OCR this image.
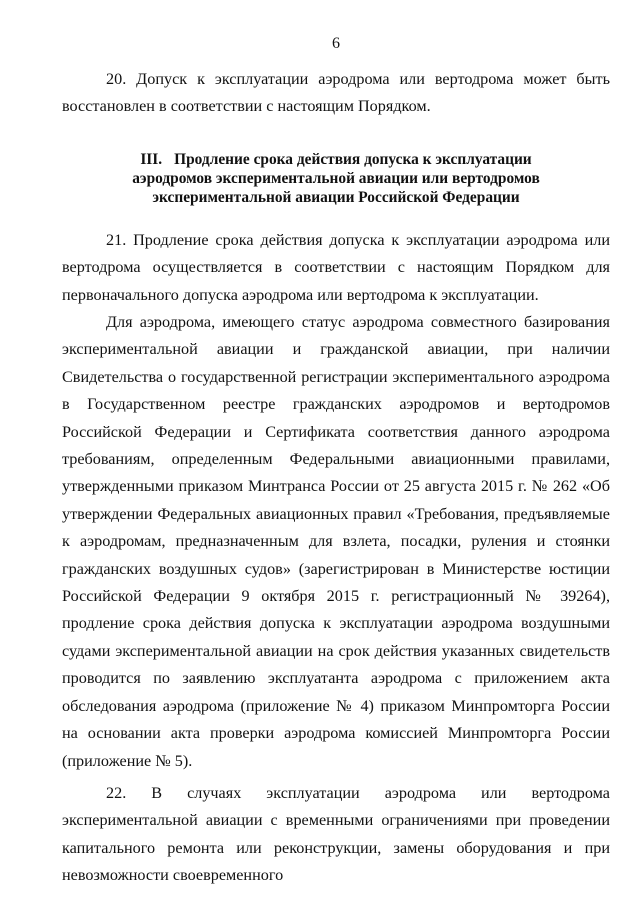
6

20. Допуск к эксплуатации аэродрома или вертодрома может быть восстановлен в соответствии с настоящим Порядком.

III. Продление срока действия допуска к эксплуатации
аэродромов экспериментальной авиации или вертодромов
экспериментальной авиации Российской Федерации

21. Продление срока действия допуска к эксплуатации аэродрома или вертодрома осуществляется в соответствии с настоящим Порядком для первоначального допуска аэродрома или вертодрома к эксплуатации.

Для аэродрома, имеющего статус аэродрома совместного базирования экспериментальной авиации и гражданской авиации, при наличии Свидетельства о государственной регистрации экспериментального аэродрома в Государственном реестре гражданских аэродромов и вертодромов Российской Федерации и Сертификата соответствия данного аэродрома требованиям, определенным Федеральными авиационными правилами, утвержденными приказом Минтранса России от 25 августа 2015 г. № 262 «Об утверждении Федеральных авиационных правил «Требования, предъявляемые к аэродромам, предназначенным для взлета, посадки, руления и стоянки гражданских воздушных судов» (зарегистрирован в Министерстве юстиции Российской Федерации 9 октября 2015 г. регистрационный № 39264), продление срока действия допуска к эксплуатации аэродрома воздушными судами экспериментальной авиации на срок действия указанных свидетельств проводится по заявлению эксплуатанта аэродрома с приложением акта обследования аэродрома (приложение № 4) приказом Минпромторга России на основании акта проверки аэродрома комиссией Минпромторга России (приложение № 5).

22. В случаях эксплуатации аэродрома или вертодрома экспериментальной авиации с временными ограничениями при проведении капитального ремонта или реконструкции, замены оборудования и при невозможности своевременного
